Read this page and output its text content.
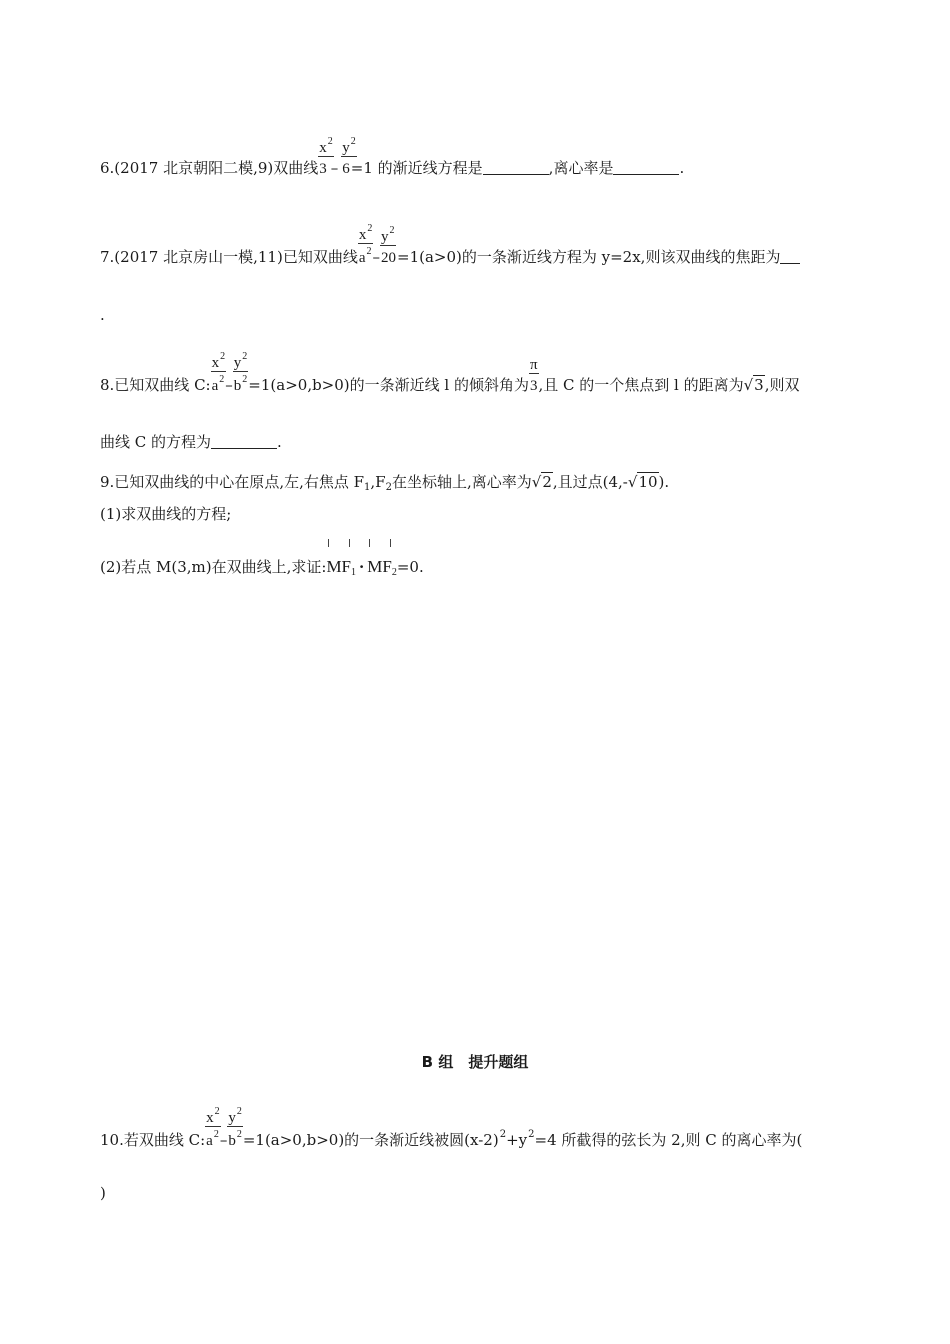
6.(2017 北京朝阳二模,9)双曲线 $\frac{x^2}{3} - \frac{y^2}{6}=1$ 的渐近线方程是	,离心率是	.
7.(2017 北京房山一模,11)已知双曲线 $\frac{x^2}{a^2}- \frac{y^2}{20}=1(a>0)$的一条渐近线方程为 y=2x,则该双曲线的焦距为
.
8.已知双曲线 C: $\frac{x^2}{a^2}- \frac{y^2}{b^2}=1(a>0,b>0)$的一条渐近线 l 的倾斜角为 $\frac{\pi}{3}$,且 C 的一个焦点到 l 的距离为√3,则双
曲线 C 的方程为	.
9.已知双曲线的中心在原点,左,右焦点 $F_1,F_2$在坐标轴上,离心率为√2,且过点(4,-√10).
(1)求双曲线的方程;
(2)若点 M(3,m)在双曲线上,求证:
$MF_1 \cdot MF_2=0$.
B 组　提升题组
10.若双曲线 C: $\frac{x^2}{a^2}- \frac{y^2}{b^2}=1(a>0,b>0)$的一条渐近线被圆$(x-2)^2+y^2=4$ 所截得的弦长为 2,则 C 的离心率为(
)
